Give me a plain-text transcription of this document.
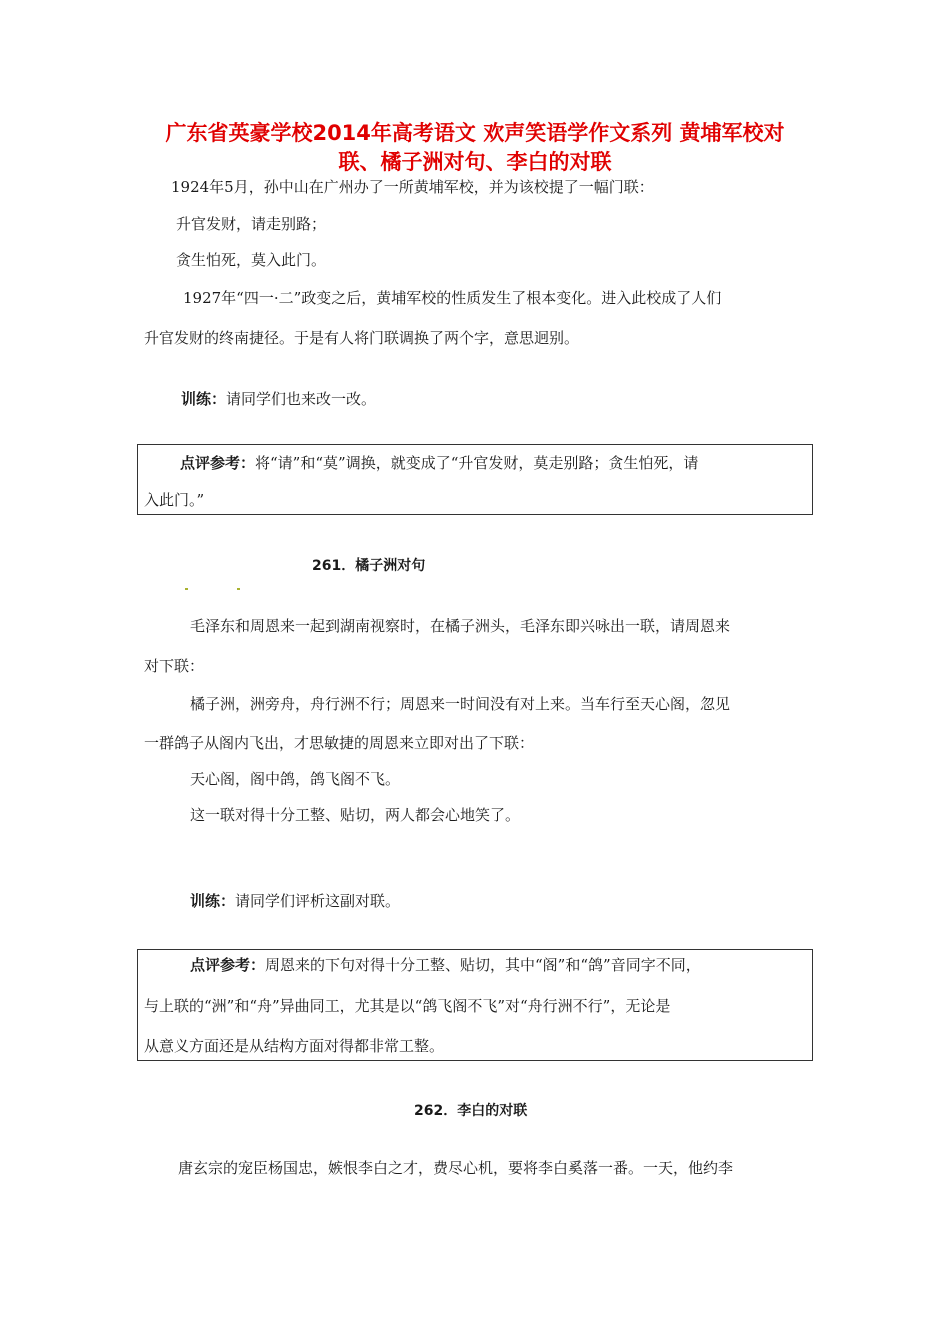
广东省英豪学校2014年高考语文 欢声笑语学作文系列 黄埔军校对
联、橘子洲对句、李白的对联

1924年5月，孙中山在广州办了一所黄埔军校，并为该校提了一幅门联：

升官发财，请走别路；

贪生怕死，莫入此门。

1927年“四一·二”政变之后，黄埔军校的性质发生了根本变化。进入此校成了人们

升官发财的终南捷径。于是有人将门联调换了两个字，意思迥别。

训练：请同学们也来改一改。

点评参考：将“请”和“莫”调换，就变成了“升官发财，莫走别路；贪生怕死，请

入此门。”

261．橘子洲对句

毛泽东和周恩来一起到湖南视察时，在橘子洲头，毛泽东即兴咏出一联，请周恩来

对下联：

橘子洲，洲旁舟，舟行洲不行；周恩来一时间没有对上来。当车行至天心阁，忽见

一群鸽子从阁内飞出，才思敏捷的周恩来立即对出了下联：

天心阁，阁中鸽，鸽飞阁不飞。

这一联对得十分工整、贴切，两人都会心地笑了。

训练：请同学们评析这副对联。

点评参考：周恩来的下句对得十分工整、贴切，其中“阁”和“鸽”音同字不同，

与上联的“洲”和“舟”异曲同工，尤其是以“鸽飞阁不飞”对“舟行洲不行”，无论是

从意义方面还是从结构方面对得都非常工整。

262．李白的对联

唐玄宗的宠臣杨国忠，嫉恨李白之才，费尽心机，要将李白奚落一番。一天，他约李
